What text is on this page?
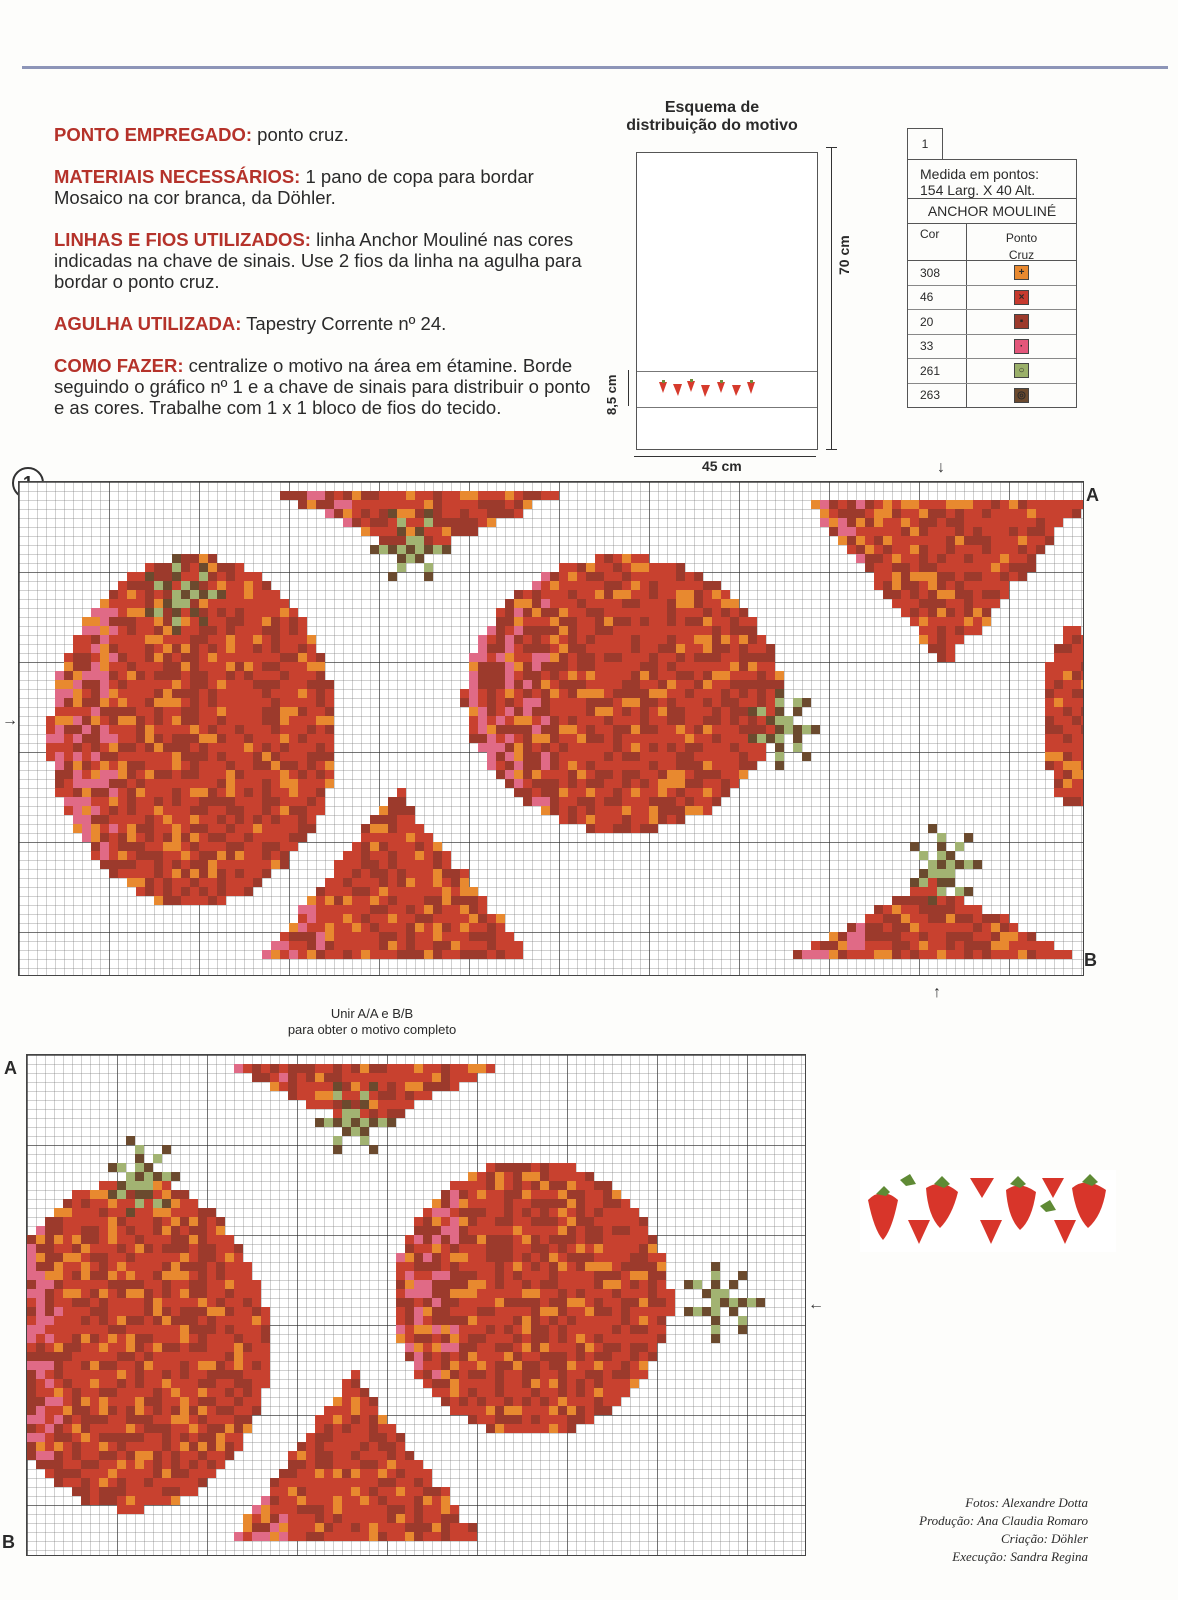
PONTO EMPREGADO: ponto cruz.

MATERIAIS NECESSÁRIOS: 1 pano de copa para bordar Mosaico na cor branca, da Döhler.

LINHAS E FIOS UTILIZADOS: linha Anchor Mouliné nas cores indicadas na chave de sinais. Use 2 fios da linha na agulha para bordar o ponto cruz.

AGULHA UTILIZADA: Tapestry Corrente nº 24.

COMO FAZER: centralize o motivo na área em étamine. Borde seguindo o gráfico nº 1 e a chave de sinais para distribuir o ponto e as cores. Trabalhe com 1 x 1 bloco de fios do tecido.

Esquema de
distribuição do motivo
70 cm
45 cm
8,5 cm
1
Medida em pontos:
154 Larg. X 40 Alt.
ANCHOR MOULINÉ
Cor	Ponto
Cruz
308	+
46	×
20	▪
33	·
261	○
263	◎
A
B
↓
↑
→
Unir A/A e B/B
para obter o motivo completo
A
B
←
Fotos: Alexandre Dotta
Produção: Ana Claudia Romaro
Criação: Döhler
Execução: Sandra Regina
